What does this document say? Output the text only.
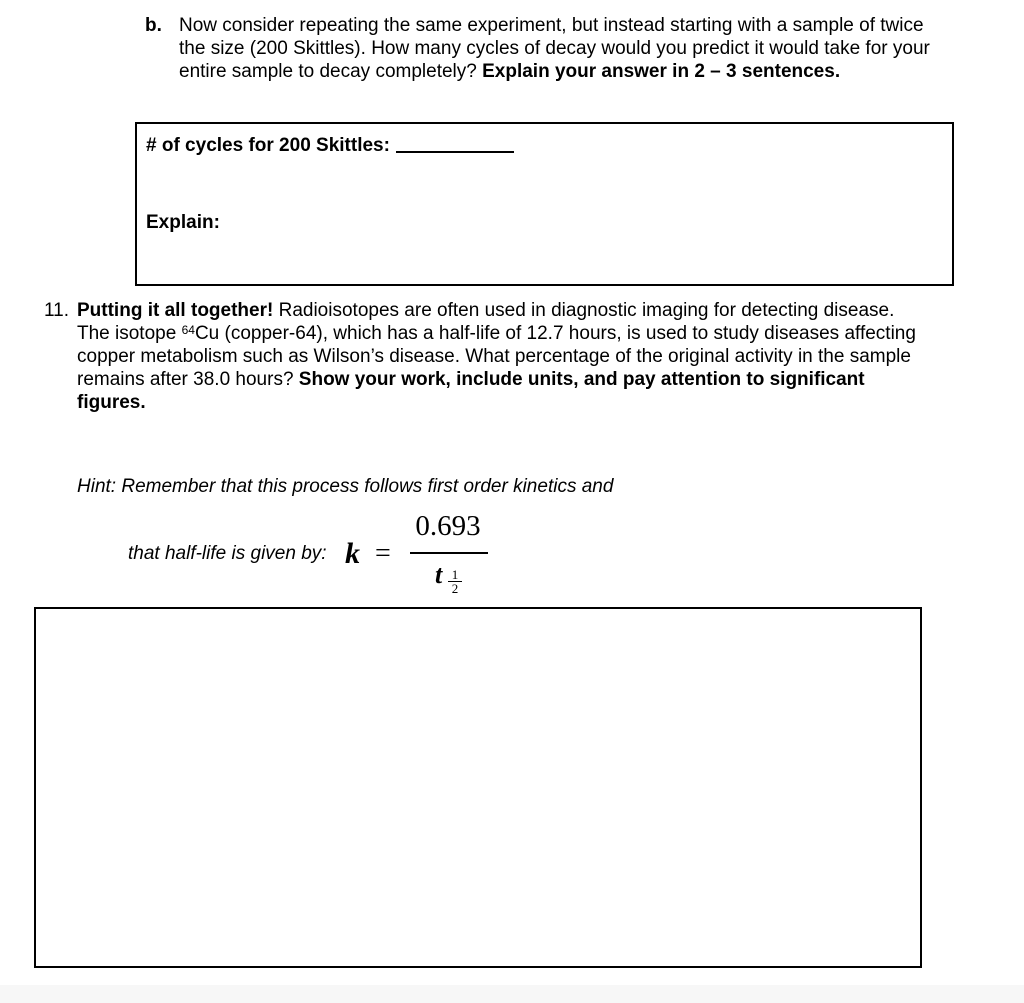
b. Now consider repeating the same experiment, but instead starting with a sample of twice the size (200 Skittles). How many cycles of decay would you predict it would take for your entire sample to decay completely? Explain your answer in 2 – 3 sentences.
# of cycles for 200 Skittles:
Explain:
11. Putting it all together! Radioisotopes are often used in diagnostic imaging for detecting disease. The isotope $^{64}$Cu (copper-64), which has a half-life of 12.7 hours, is used to study diseases affecting copper metabolism such as Wilson’s disease. What percentage of the original activity in the sample remains after 38.0 hours? Show your work, include units, and pay attention to significant figures.
Hint: Remember that this process follows first order kinetics and
that half-life is given by: k =
0.693
t $\frac{1}{2}$
